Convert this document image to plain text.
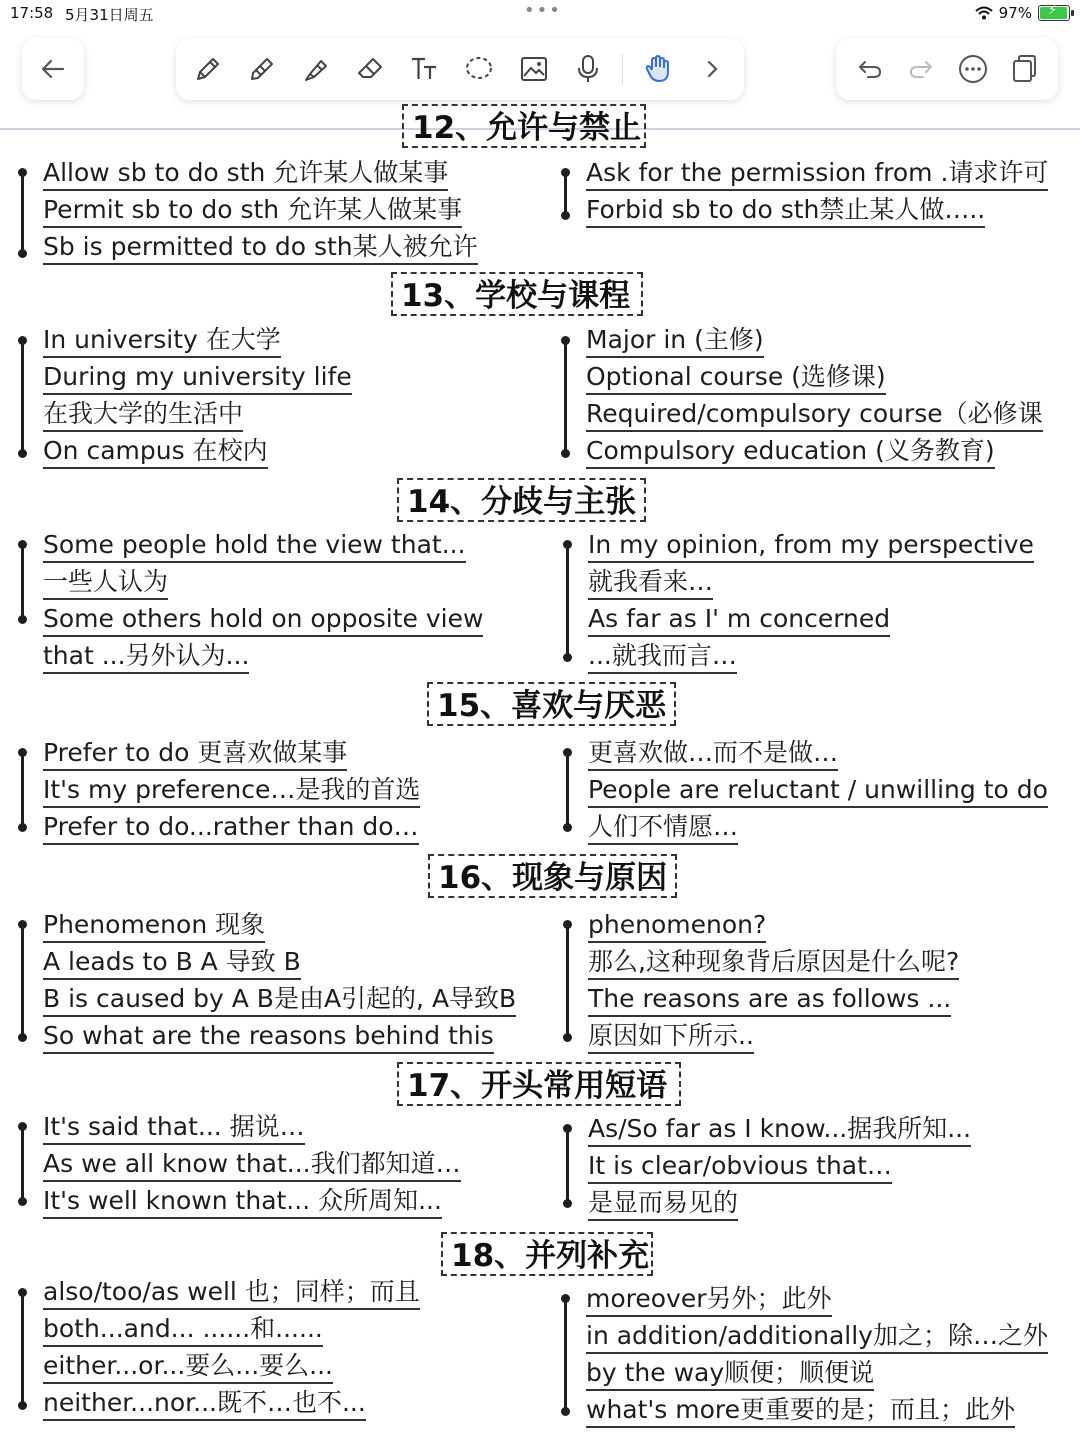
17:58 5月31日周五	•••	97% ⚡
12、允许与禁止
Allow sb to do sth 允许某人做某事
Permit sb to do sth 允许某人做某事
Sb is permitted to do sth某人被允许
Ask for the permission from .请求许可
Forbid sb to do sth禁止某人做…..
13、学校与课程
In university 在大学
During my university life
在我大学的生活中
On campus 在校内
Major in (主修)
Optional course (选修课)
Required/compulsory course（必修课
Compulsory education (义务教育)
14、分歧与主张
Some people hold the view that...
一些人认为
Some others hold on opposite view
that ...另外认为...
In my opinion, from my perspective
就我看来…
As far as I' m concerned
...就我而言…
15、喜欢与厌恶
Prefer to do 更喜欢做某事
It's my preference…是我的首选
Prefer to do...rather than do…
更喜欢做…而不是做…
People are reluctant / unwilling to do
人们不情愿…
16、现象与原因
Phenomenon 现象
A leads to B A 导致 B
B is caused by A B是由A引起的, A导致B
So what are the reasons behind this
phenomenon?
那么,这种现象背后原因是什么呢?
The reasons are as follows ...
原因如下所示..
17、开头常用短语
It's said that... 据说…
As we all know that...我们都知道…
It's well known that... 众所周知...
As/So far as I know...据我所知...
It is clear/obvious that…
是显而易见的
18、并列补充
also/too/as well 也；同样；而且
both...and... ......和......
either...or...要么...要么...
neither...nor...既不…也不...
moreover另外；此外
in addition/additionally加之；除…之外
by the way顺便；顺便说
what's more更重要的是；而且；此外
